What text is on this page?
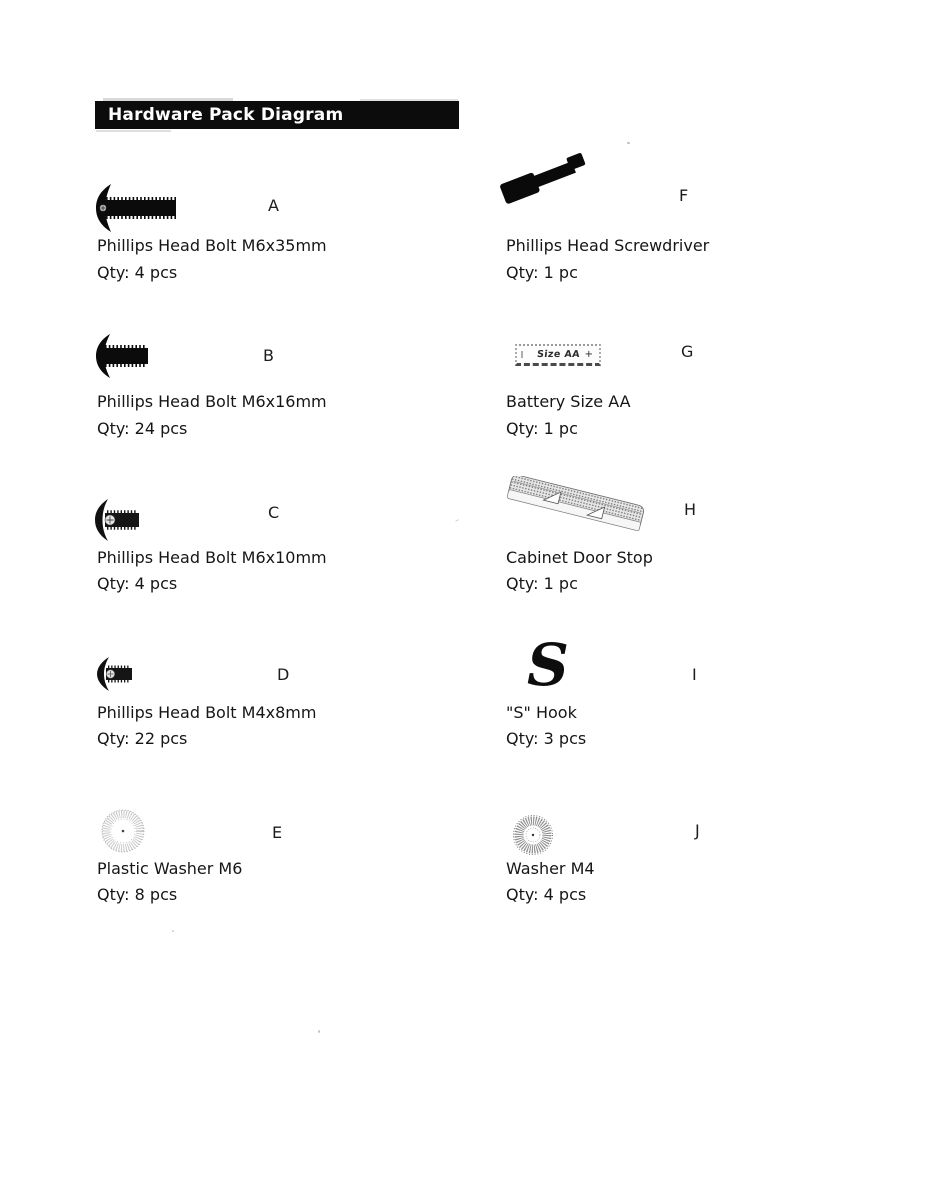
Hardware Pack Diagram
A
Phillips Head Bolt M6x35mm
Qty: 4 pcs
B
Phillips Head Bolt M6x16mm
Qty: 24 pcs
C
Phillips Head Bolt M6x10mm
Qty: 4 pcs
D
Phillips Head Bolt M4x8mm
Qty: 22 pcs
E
Plastic Washer M6
Qty: 8 pcs
F
Phillips Head Screwdriver
Qty: 1 pc
Size AA +	G
Battery Size AA
Qty: 1 pc
H
Cabinet Door Stop
Qty: 1 pc
S	I
"S" Hook
Qty: 3 pcs
J
Washer M4
Qty: 4 pcs
